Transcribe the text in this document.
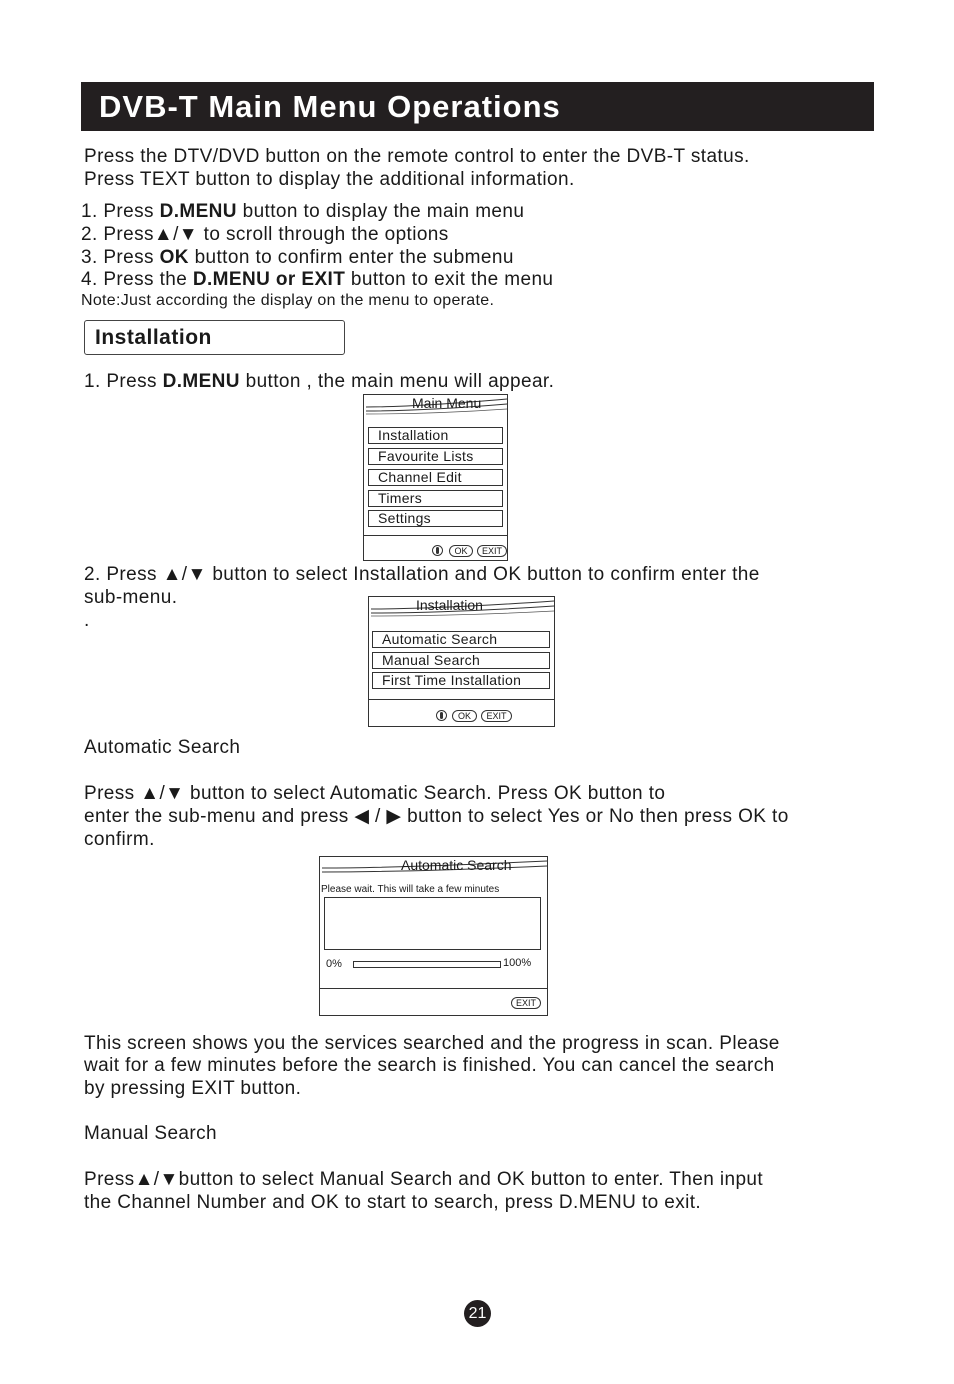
DVB-T Main Menu Operations
Press the DTV/DVD button on the remote control to enter the DVB-T status.
Press TEXT button to display the additional information.
1. Press D.MENU button to display the main menu
2. Press▲/▼ to scroll through the options
3. Press OK button to confirm enter the submenu
4. Press the D.MENU or EXIT button to exit the menu
Note:Just according the display on the menu to operate.
Installation
1. Press D.MENU button , the main menu will appear.
Main Menu
Installation
Favourite Lists
Channel Edit
Timers
Settings
OK	EXIT
2. Press ▲/▼ button to select Installation and OK button to confirm enter the
sub-menu.
.
Installation
Automatic Search
Manual Search
First Time Installation
OK	EXIT
Automatic Search
Press ▲/▼ button to select Automatic Search. Press OK button to
enter the sub-menu and press ◀ / ▶ button to select Yes or No then press OK to
confirm.
Automatic Search
Please wait. This will take a few minutes
0%	100%
EXIT
This screen shows you the services searched and the progress in scan. Please
wait for a few minutes before the search is finished. You can cancel the search
by pressing EXIT button.
Manual Search
Press▲/▼button to select Manual Search and OK button to enter. Then input
the Channel Number and OK to start to search, press D.MENU to exit.
21
